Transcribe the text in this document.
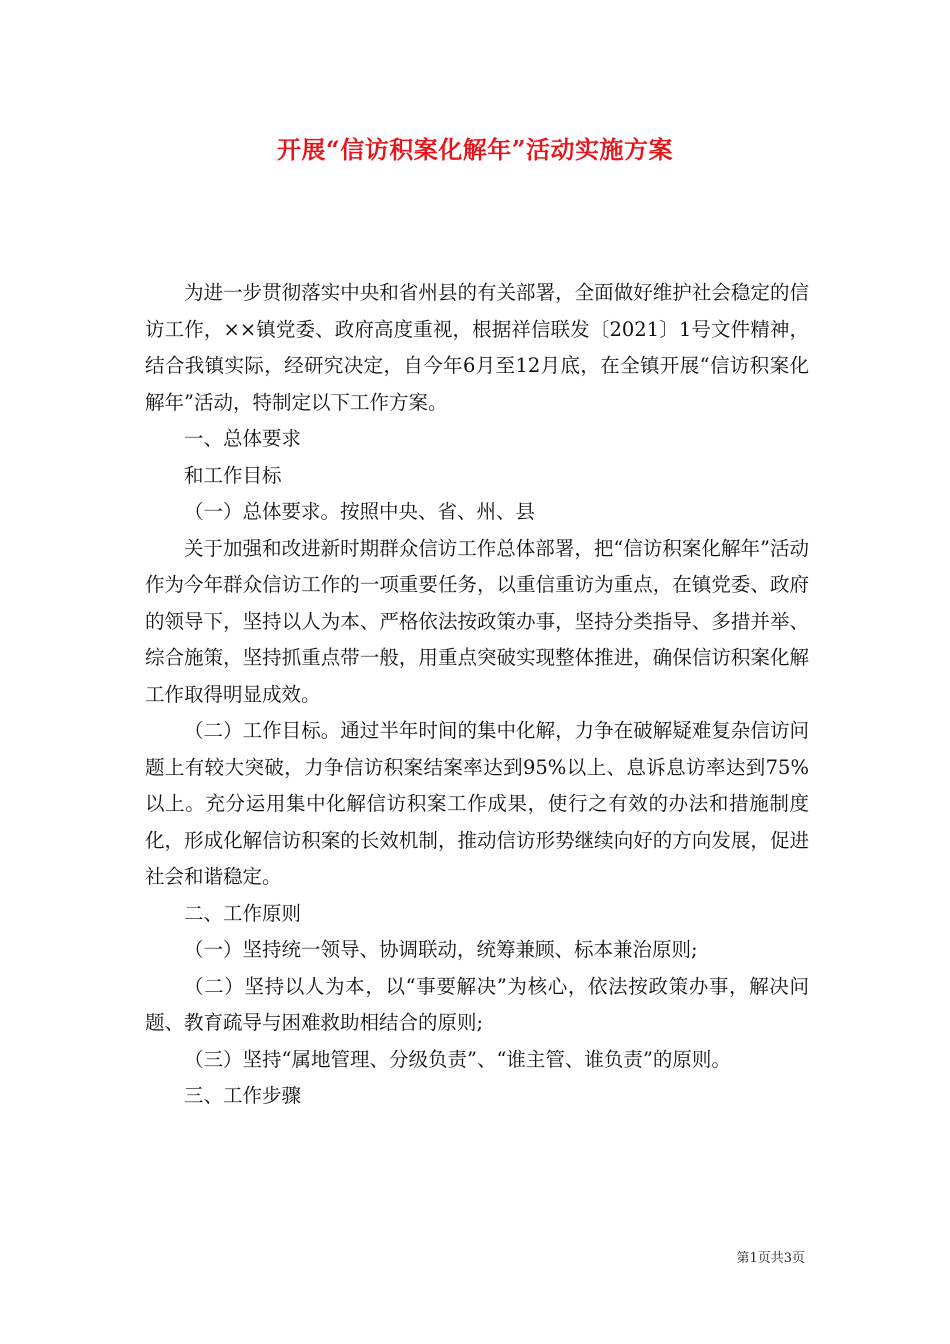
开展“信访积案化解年”活动实施方案

为进一步贯彻落实中央和省州县的有关部署，全面做好维护社会稳定的信访工作，××镇党委、政府高度重视，根据祥信联发〔2021〕1号文件精神，结合我镇实际，经研究决定，自今年6月至12月底，在全镇开展“信访积案化解年”活动，特制定以下工作方案。

一、总体要求

和工作目标

（一）总体要求。按照中央、省、州、县

关于加强和改进新时期群众信访工作总体部署，把“信访积案化解年”活动作为今年群众信访工作的一项重要任务，以重信重访为重点，在镇党委、政府的领导下，坚持以人为本、严格依法按政策办事，坚持分类指导、多措并举、综合施策，坚持抓重点带一般，用重点突破实现整体推进，确保信访积案化解工作取得明显成效。

（二）工作目标。通过半年时间的集中化解，力争在破解疑难复杂信访问题上有较大突破，力争信访积案结案率达到95%以上、息诉息访率达到75%以上。充分运用集中化解信访积案工作成果，使行之有效的办法和措施制度化，形成化解信访积案的长效机制，推动信访形势继续向好的方向发展，促进社会和谐稳定。

二、工作原则

（一）坚持统一领导、协调联动，统筹兼顾、标本兼治原则;

（二）坚持以人为本，以“事要解决”为核心，依法按政策办事，解决问题、教育疏导与困难救助相结合的原则;

（三）坚持“属地管理、分级负责”、“谁主管、谁负责”的原则。

三、工作步骤

第1页共3页
